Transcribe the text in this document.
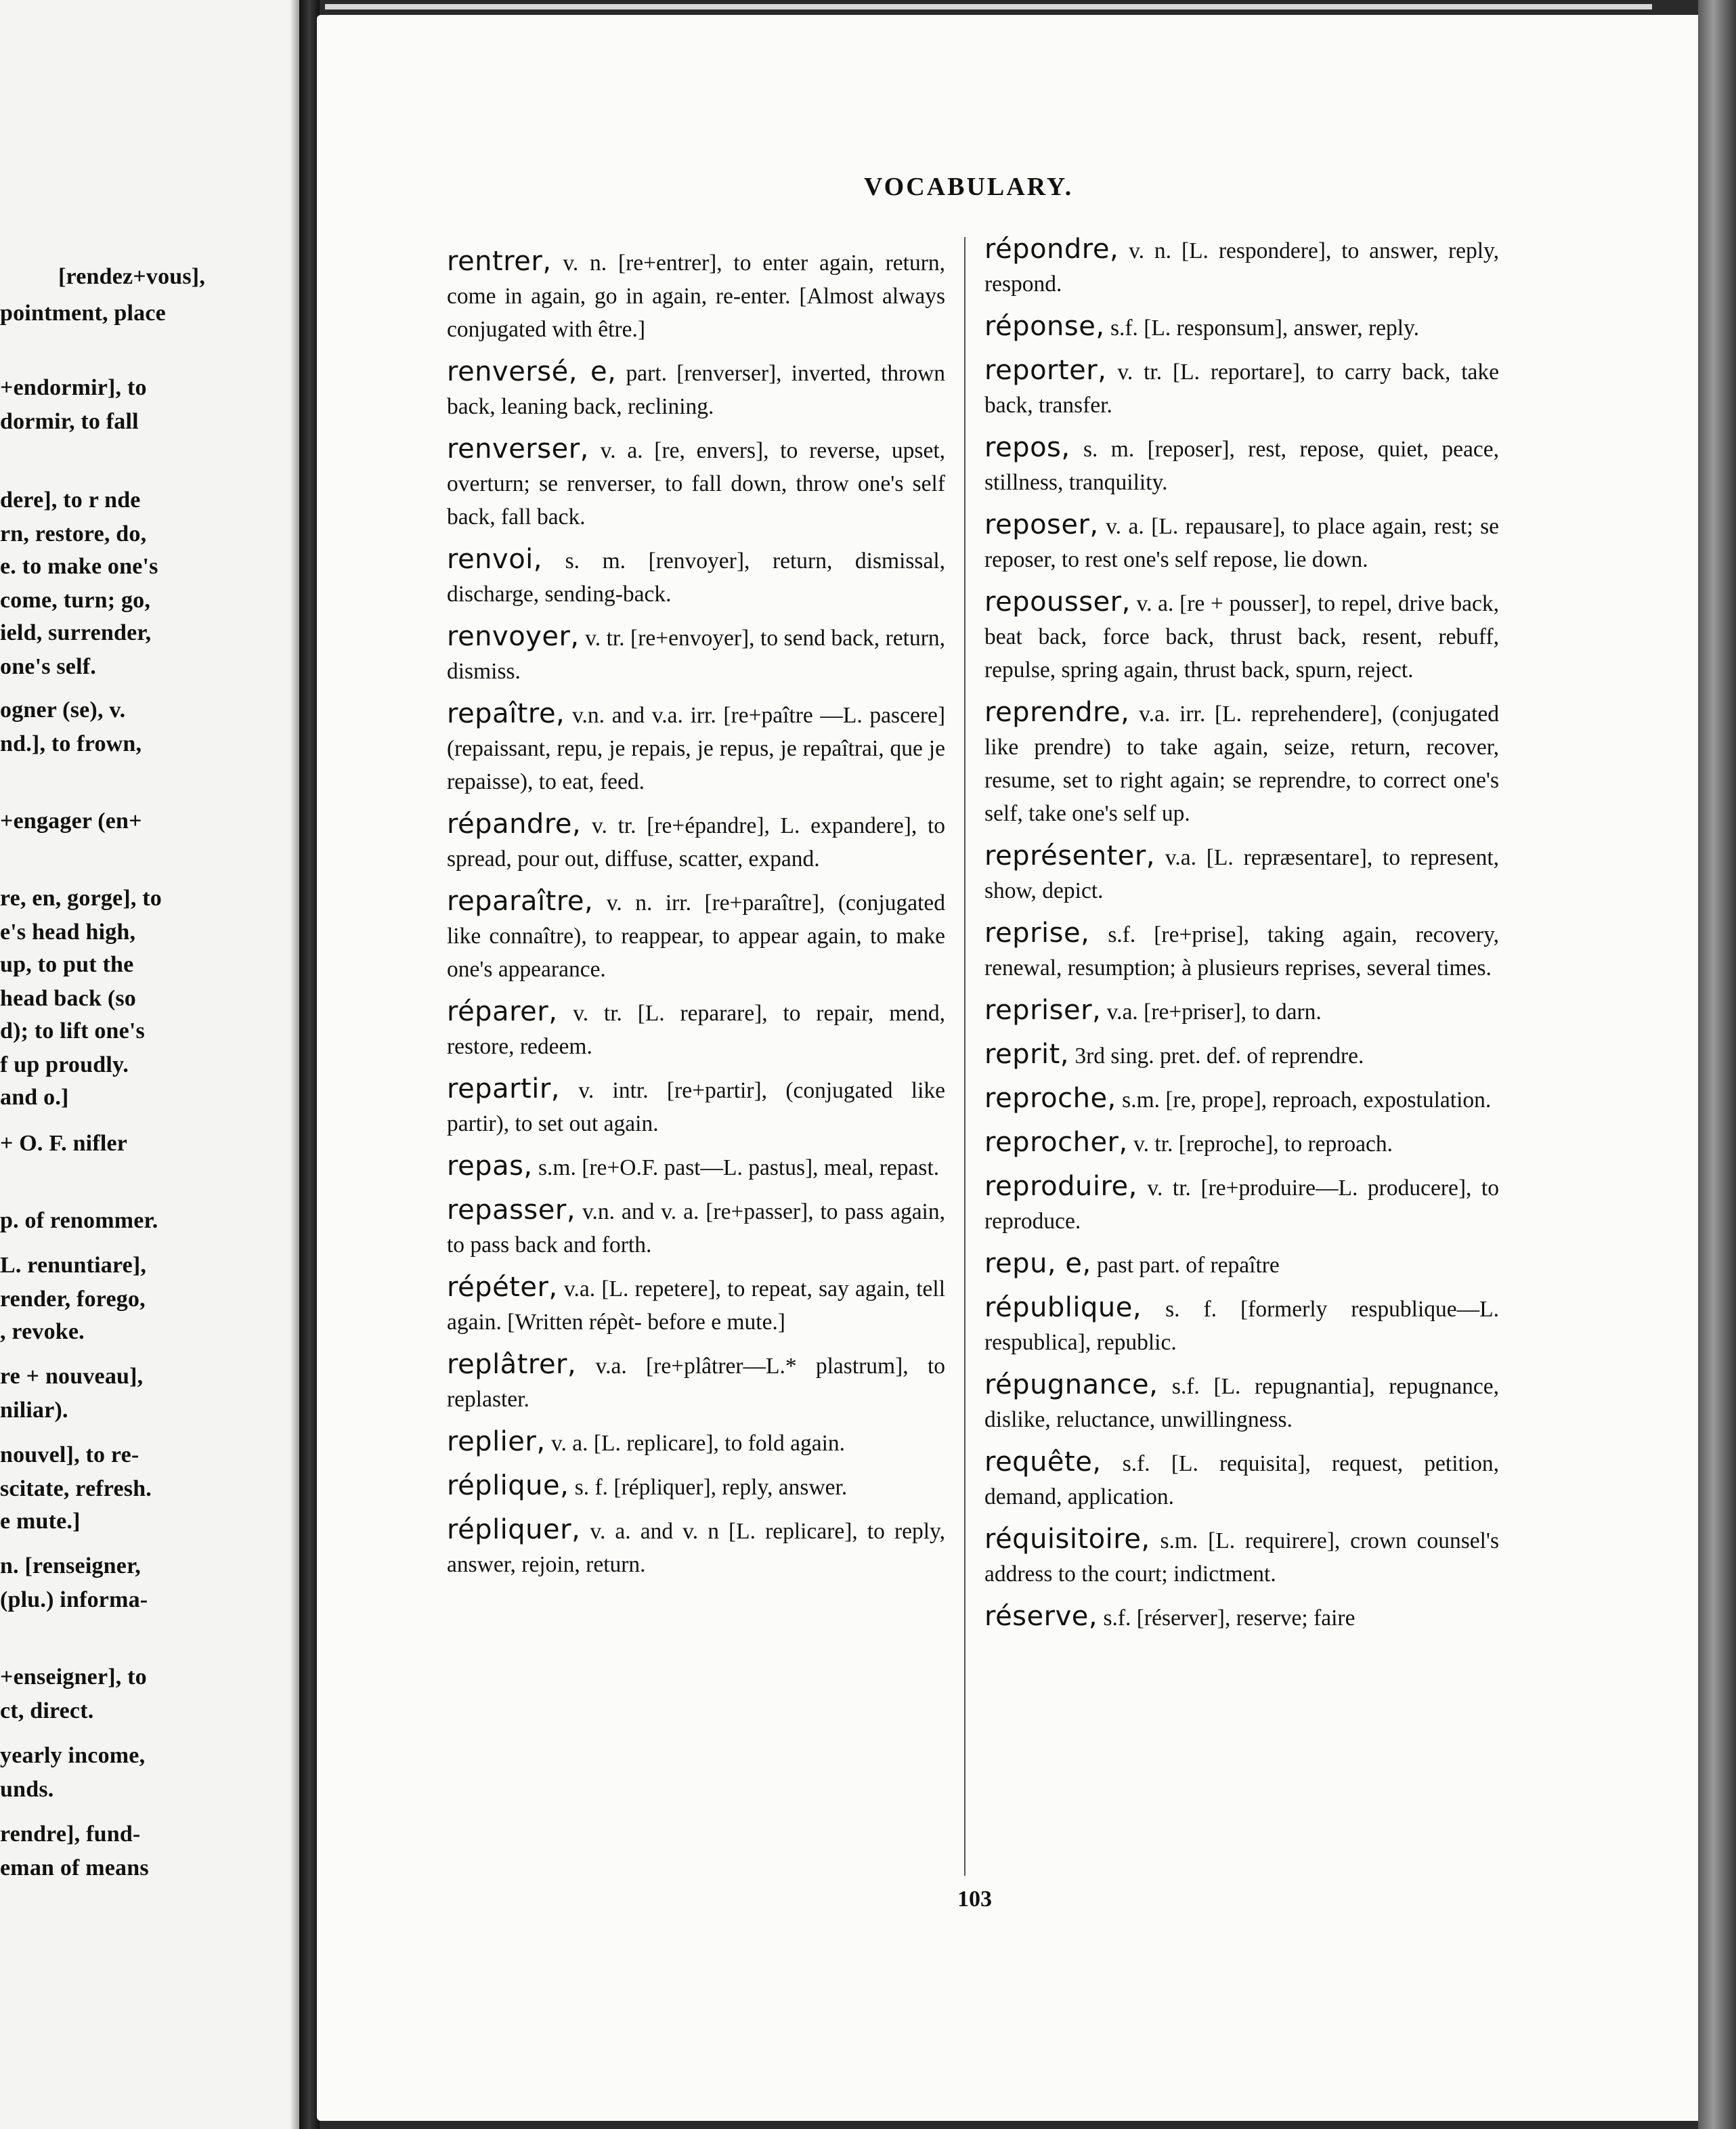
[rendez+vous],
pointment, place
+endormir], to
dormir, to fall
dere], to r nde
rn, restore, do,
e. to make one's
come, turn; go,
ield, surrender,
one's self.
ogner (se), v.
nd.], to frown,
+engager (en+
re, en, gorge], to
e's head high,
up, to put the
head back (so
d); to lift one's
f up proudly.
and o.]
+ O. F. nifler
p. of renommer.
L. renuntiare],
render, forego,
, revoke.
re + nouveau],
niliar).
nouvel], to re-
scitate, refresh.
e mute.]
n. [renseigner,
(plu.) informa-
+enseigner], to
ct, direct.
yearly income,
unds.
rendre], fund-
eman of means
VOCABULARY.
rentrer, v. n. [re+entrer], to enter again, return, come in again, go in again, re-enter. [Almost always conjugated with être.]
renversé, e, part. [renverser], inverted, thrown back, leaning back, reclining.
renverser, v. a. [re, envers], to reverse, upset, overturn; se renverser, to fall down, throw one's self back, fall back.
renvoi, s. m. [renvoyer], return, dismissal, discharge, sending-back.
renvoyer, v. tr. [re+envoyer], to send back, return, dismiss.
repaître, v.n. and v.a. irr. [re+paître —L. pascere] (repaissant, repu, je repais, je repus, je repaîtrai, que je repaisse), to eat, feed.
répandre, v. tr. [re+épandre], L. expandere], to spread, pour out, diffuse, scatter, expand.
reparaître, v. n. irr. [re+paraître], (conjugated like connaître), to reappear, to appear again, to make one's appearance.
réparer, v. tr. [L. reparare], to repair, mend, restore, redeem.
repartir, v. intr. [re+partir], (conjugated like partir), to set out again.
repas, s.m. [re+O.F. past—L. pastus], meal, repast.
repasser, v.n. and v. a. [re+passer], to pass again, to pass back and forth.
répéter, v.a. [L. repetere], to repeat, say again, tell again. [Written répèt- before e mute.]
replâtrer, v.a. [re+plâtrer—L.* plastrum], to replaster.
replier, v. a. [L. replicare], to fold again.
réplique, s. f. [répliquer], reply, answer.
répliquer, v. a. and v. n [L. replicare], to reply, answer, rejoin, return.
répondre, v. n. [L. respondere], to answer, reply, respond.
réponse, s.f. [L. responsum], answer, reply.
reporter, v. tr. [L. reportare], to carry back, take back, transfer.
repos, s. m. [reposer], rest, repose, quiet, peace, stillness, tranquility.
reposer, v. a. [L. repausare], to place again, rest; se reposer, to rest one's self repose, lie down.
repousser, v. a. [re + pousser], to repel, drive back, beat back, force back, thrust back, resent, rebuff, repulse, spring again, thrust back, spurn, reject.
reprendre, v.a. irr. [L. reprehendere], (conjugated like prendre) to take again, seize, return, recover, resume, set to right again; se reprendre, to correct one's self, take one's self up.
représenter, v.a. [L. repræsentare], to represent, show, depict.
reprise, s.f. [re+prise], taking again, recovery, renewal, resumption; à plusieurs reprises, several times.
repriser, v.a. [re+priser], to darn.
reprit, 3rd sing. pret. def. of reprendre.
reproche, s.m. [re, prope], reproach, expostulation.
reprocher, v. tr. [reproche], to reproach.
reproduire, v. tr. [re+produire—L. producere], to reproduce.
repu, e, past part. of repaître
république, s. f. [formerly respublique—L. respublica], republic.
répugnance, s.f. [L. repugnantia], repugnance, dislike, reluctance, unwillingness.
requête, s.f. [L. requisita], request, petition, demand, application.
réquisitoire, s.m. [L. requirere], crown counsel's address to the court; indictment.
réserve, s.f. [réserver], reserve; faire
103
